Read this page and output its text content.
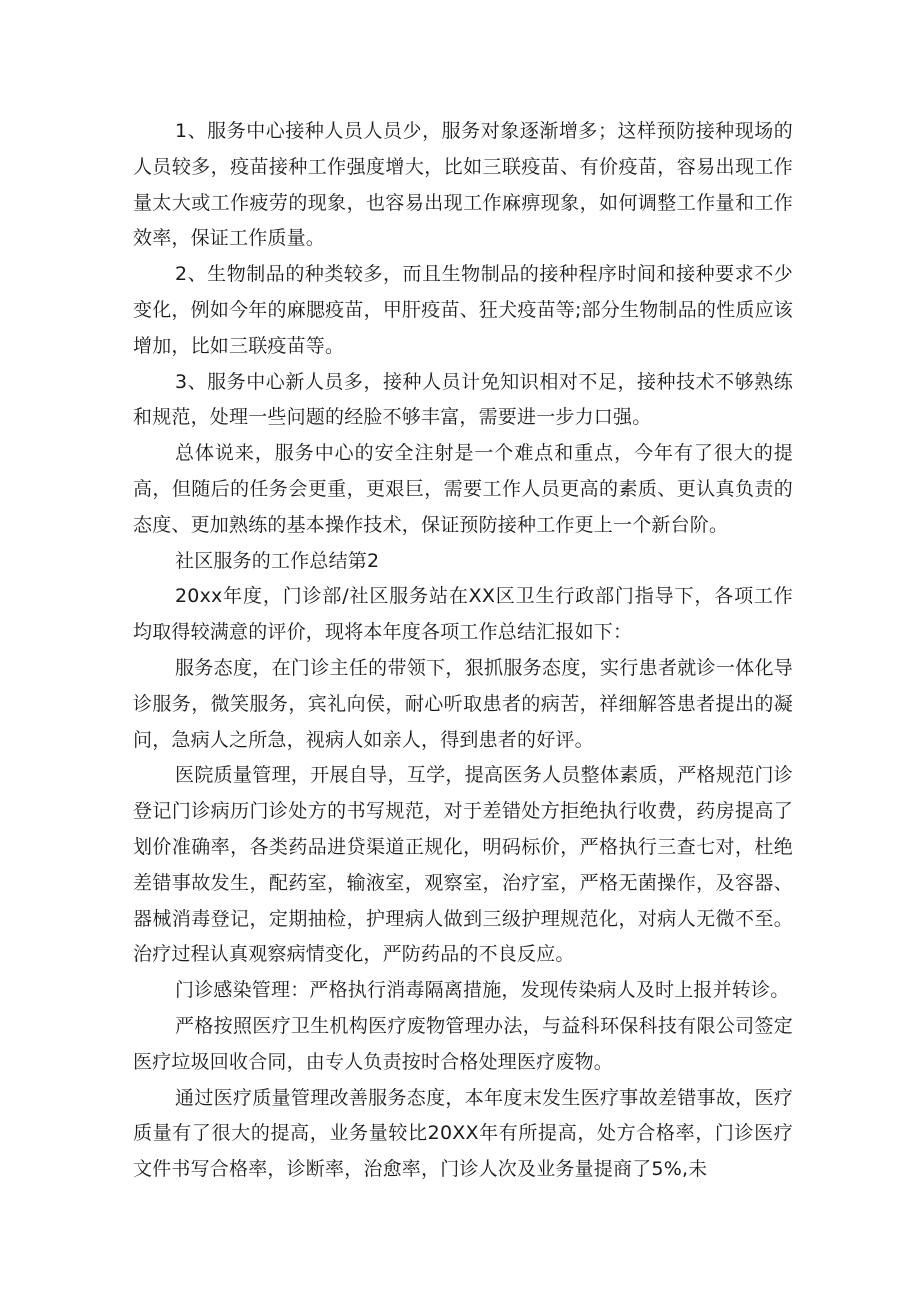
1、服务中心接种人员人员少，服务对象逐渐增多；这样预防接种现场的人员较多，疫苗接种工作强度增大，比如三联疫苗、有价疫苗，容易出现工作量太大或工作疲劳的现象，也容易出现工作麻痹现象，如何调整工作量和工作效率，保证工作质量。

2、生物制品的种类较多，而且生物制品的接种程序时间和接种要求不少变化，例如今年的麻腮疫苗，甲肝疫苗、狂犬疫苗等;部分生物制品的性质应该增加，比如三联疫苗等。

3、服务中心新人员多，接种人员计免知识相对不足，接种技术不够熟练和规范，处理一些问题的经脸不够丰富，需要进一步力口强。

总体说来，服务中心的安全注射是一个难点和重点，今年有了很大的提高，但随后的任务会更重，更艰巨，需要工作人员更高的素质、更认真负责的态度、更加熟练的基本操作技术，保证预防接种工作更上一个新台阶。

社区服务的工作总结第2

20xx年度，门诊部/社区服务站在XX区卫生行政部门指导下，各项工作均取得较满意的评价，现将本年度各项工作总结汇报如下：

服务态度，在门诊主任的带领下，狠抓服务态度，实行患者就诊一体化导诊服务，微笑服务，宾礼向侯，耐心听取患者的病苦，祥细解答患者提出的凝问，急病人之所急，视病人如亲人，得到患者的好评。

医院质量管理，开展自导，互学，提高医务人员整体素质，严格规范门诊登记门诊病历门诊处方的书写规范，对于差错处方拒绝执行收费，药房提高了划价准确率，各类药品进贷渠道正规化，明码标价，严格执行三查七对，杜绝差错事故发生，配药室，输液室，观察室，治疗室，严格无菌操作，及容器、器械消毒登记，定期抽检，护理病人做到三级护理规范化，对病人无微不至。治疗过程认真观察病情变化，严防药品的不良反应。

门诊感染管理：严格执行消毒隔离措施，发现传染病人及时上报并转诊。

严格按照医疗卫生机构医疗废物管理办法，与益科环保科技有限公司签定医疗垃圾回收合同，由专人负责按时合格处理医疗废物。

通过医疗质量管理改善服务态度，本年度末发生医疗事故差错事故，医疗质量有了很大的提高，业务量较比20XX年有所提高，处方合格率，门诊医疗文件书写合格率，诊断率，治愈率，门诊人次及业务量提商了5%,未
